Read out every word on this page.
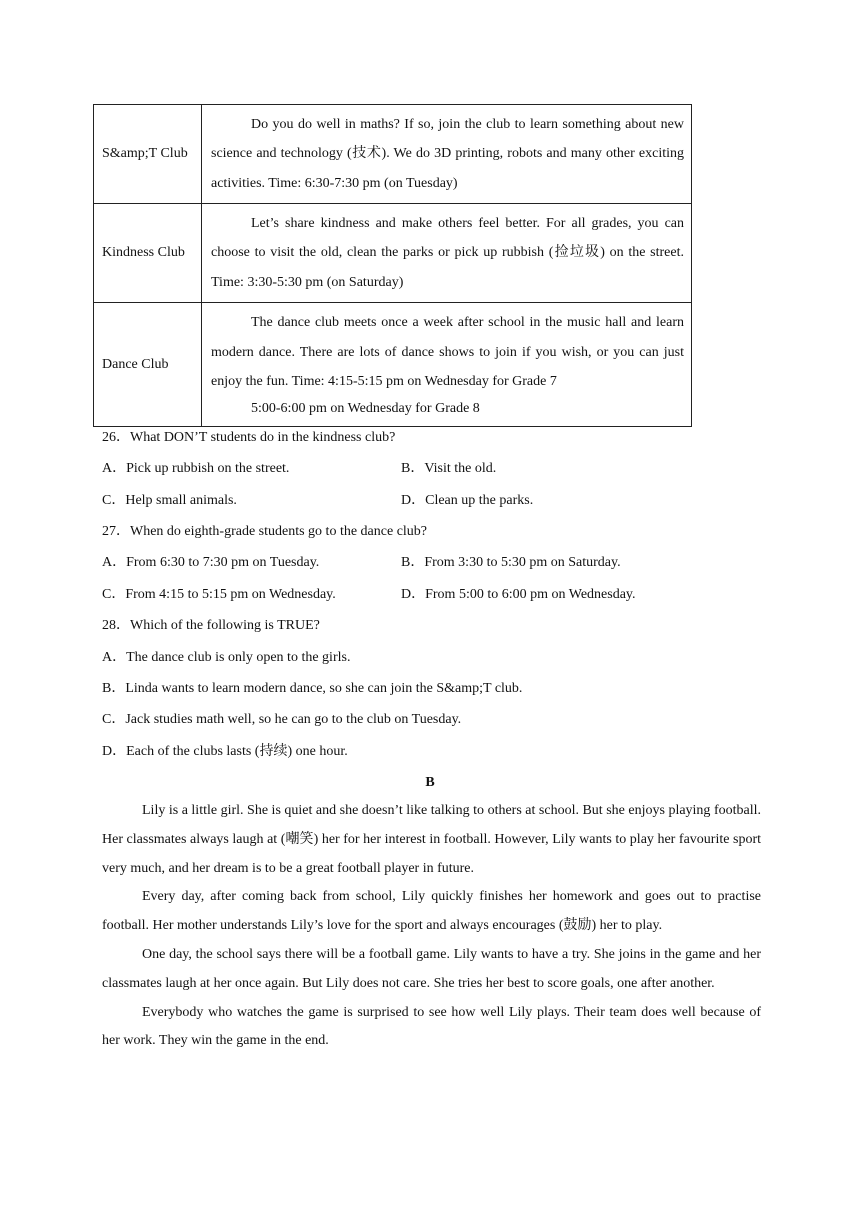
S&amp;T Club	Do you do well in maths? If so, join the club to learn something about new science and technology (技术). We do 3D printing, robots and many other exciting activities. Time: 6:30-7:30 pm (on Tuesday)

Kindness Club	Let’s share kindness and make others feel better. For all grades, you can choose to visit the old, clean the parks or pick up rubbish (捡垃圾) on the street. Time: 3:30-5:30 pm (on Saturday)

Dance Club	The dance club meets once a week after school in the music hall and learn modern dance. There are lots of dance shows to join if you wish, or you can just enjoy the fun. Time: 4:15-5:15 pm on Wednesday for Grade 7
5:00-6:00 pm on Wednesday for Grade 8
26．What DON’T students do in the kindness club?
A．Pick up rubbish on the street.	B．Visit the old.
C．Help small animals.	D．Clean up the parks.
27．When do eighth-grade students go to the dance club?
A．From 6:30 to 7:30 pm on Tuesday.	B．From 3:30 to 5:30 pm on Saturday.
C．From 4:15 to 5:15 pm on Wednesday.	D．From 5:00 to 6:00 pm on Wednesday.
28．Which of the following is TRUE?
A．The dance club is only open to the girls.
B．Linda wants to learn modern dance, so she can join the S&amp;T club.
C．Jack studies math well, so he can go to the club on Tuesday.
D．Each of the clubs lasts (持续) one hour.
B

Lily is a little girl. She is quiet and she doesn’t like talking to others at school. But she enjoys playing football. Her classmates always laugh at (嘲笑) her for her interest in football. However, Lily wants to play her favourite sport very much, and her dream is to be a great football player in future.

Every day, after coming back from school, Lily quickly finishes her homework and goes out to practise football. Her mother understands Lily’s love for the sport and always encourages (鼓励) her to play.

One day, the school says there will be a football game. Lily wants to have a try. She joins in the game and her classmates laugh at her once again. But Lily does not care. She tries her best to score goals, one after another.

Everybody who watches the game is surprised to see how well Lily plays. Their team does well because of her work. They win the game in the end.
